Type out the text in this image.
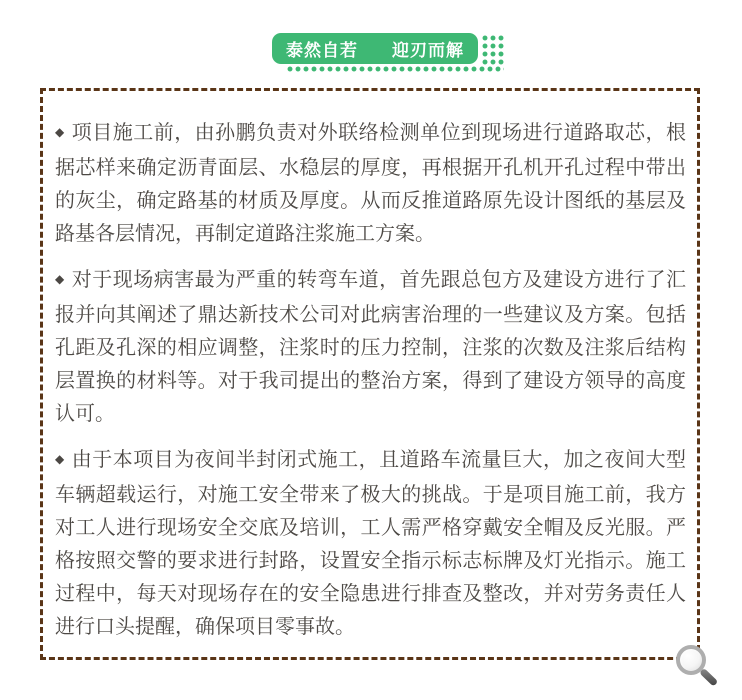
泰然自若 迎刃而解

◆ 项目施工前，由孙鹏负责对外联络检测单位到现场进行道路取芯，根据芯样来确定沥青面层、水稳层的厚度，再根据开孔机开孔过程中带出的灰尘，确定路基的材质及厚度。从而反推道路原先设计图纸的基层及路基各层情况，再制定道路注浆施工方案。

◆ 对于现场病害最为严重的转弯车道，首先跟总包方及建设方进行了汇报并向其阐述了鼎达新技术公司对此病害治理的一些建议及方案。包括孔距及孔深的相应调整，注浆时的压力控制，注浆的次数及注浆后结构层置换的材料等。对于我司提出的整治方案，得到了建设方领导的高度认可。

◆ 由于本项目为夜间半封闭式施工，且道路车流量巨大，加之夜间大型车辆超载运行，对施工安全带来了极大的挑战。于是项目施工前，我方对工人进行现场安全交底及培训，工人需严格穿戴安全帽及反光服。严格按照交警的要求进行封路，设置安全指示标志标牌及灯光指示。施工过程中，每天对现场存在的安全隐患进行排查及整改，并对劳务责任人进行口头提醒，确保项目零事故。
